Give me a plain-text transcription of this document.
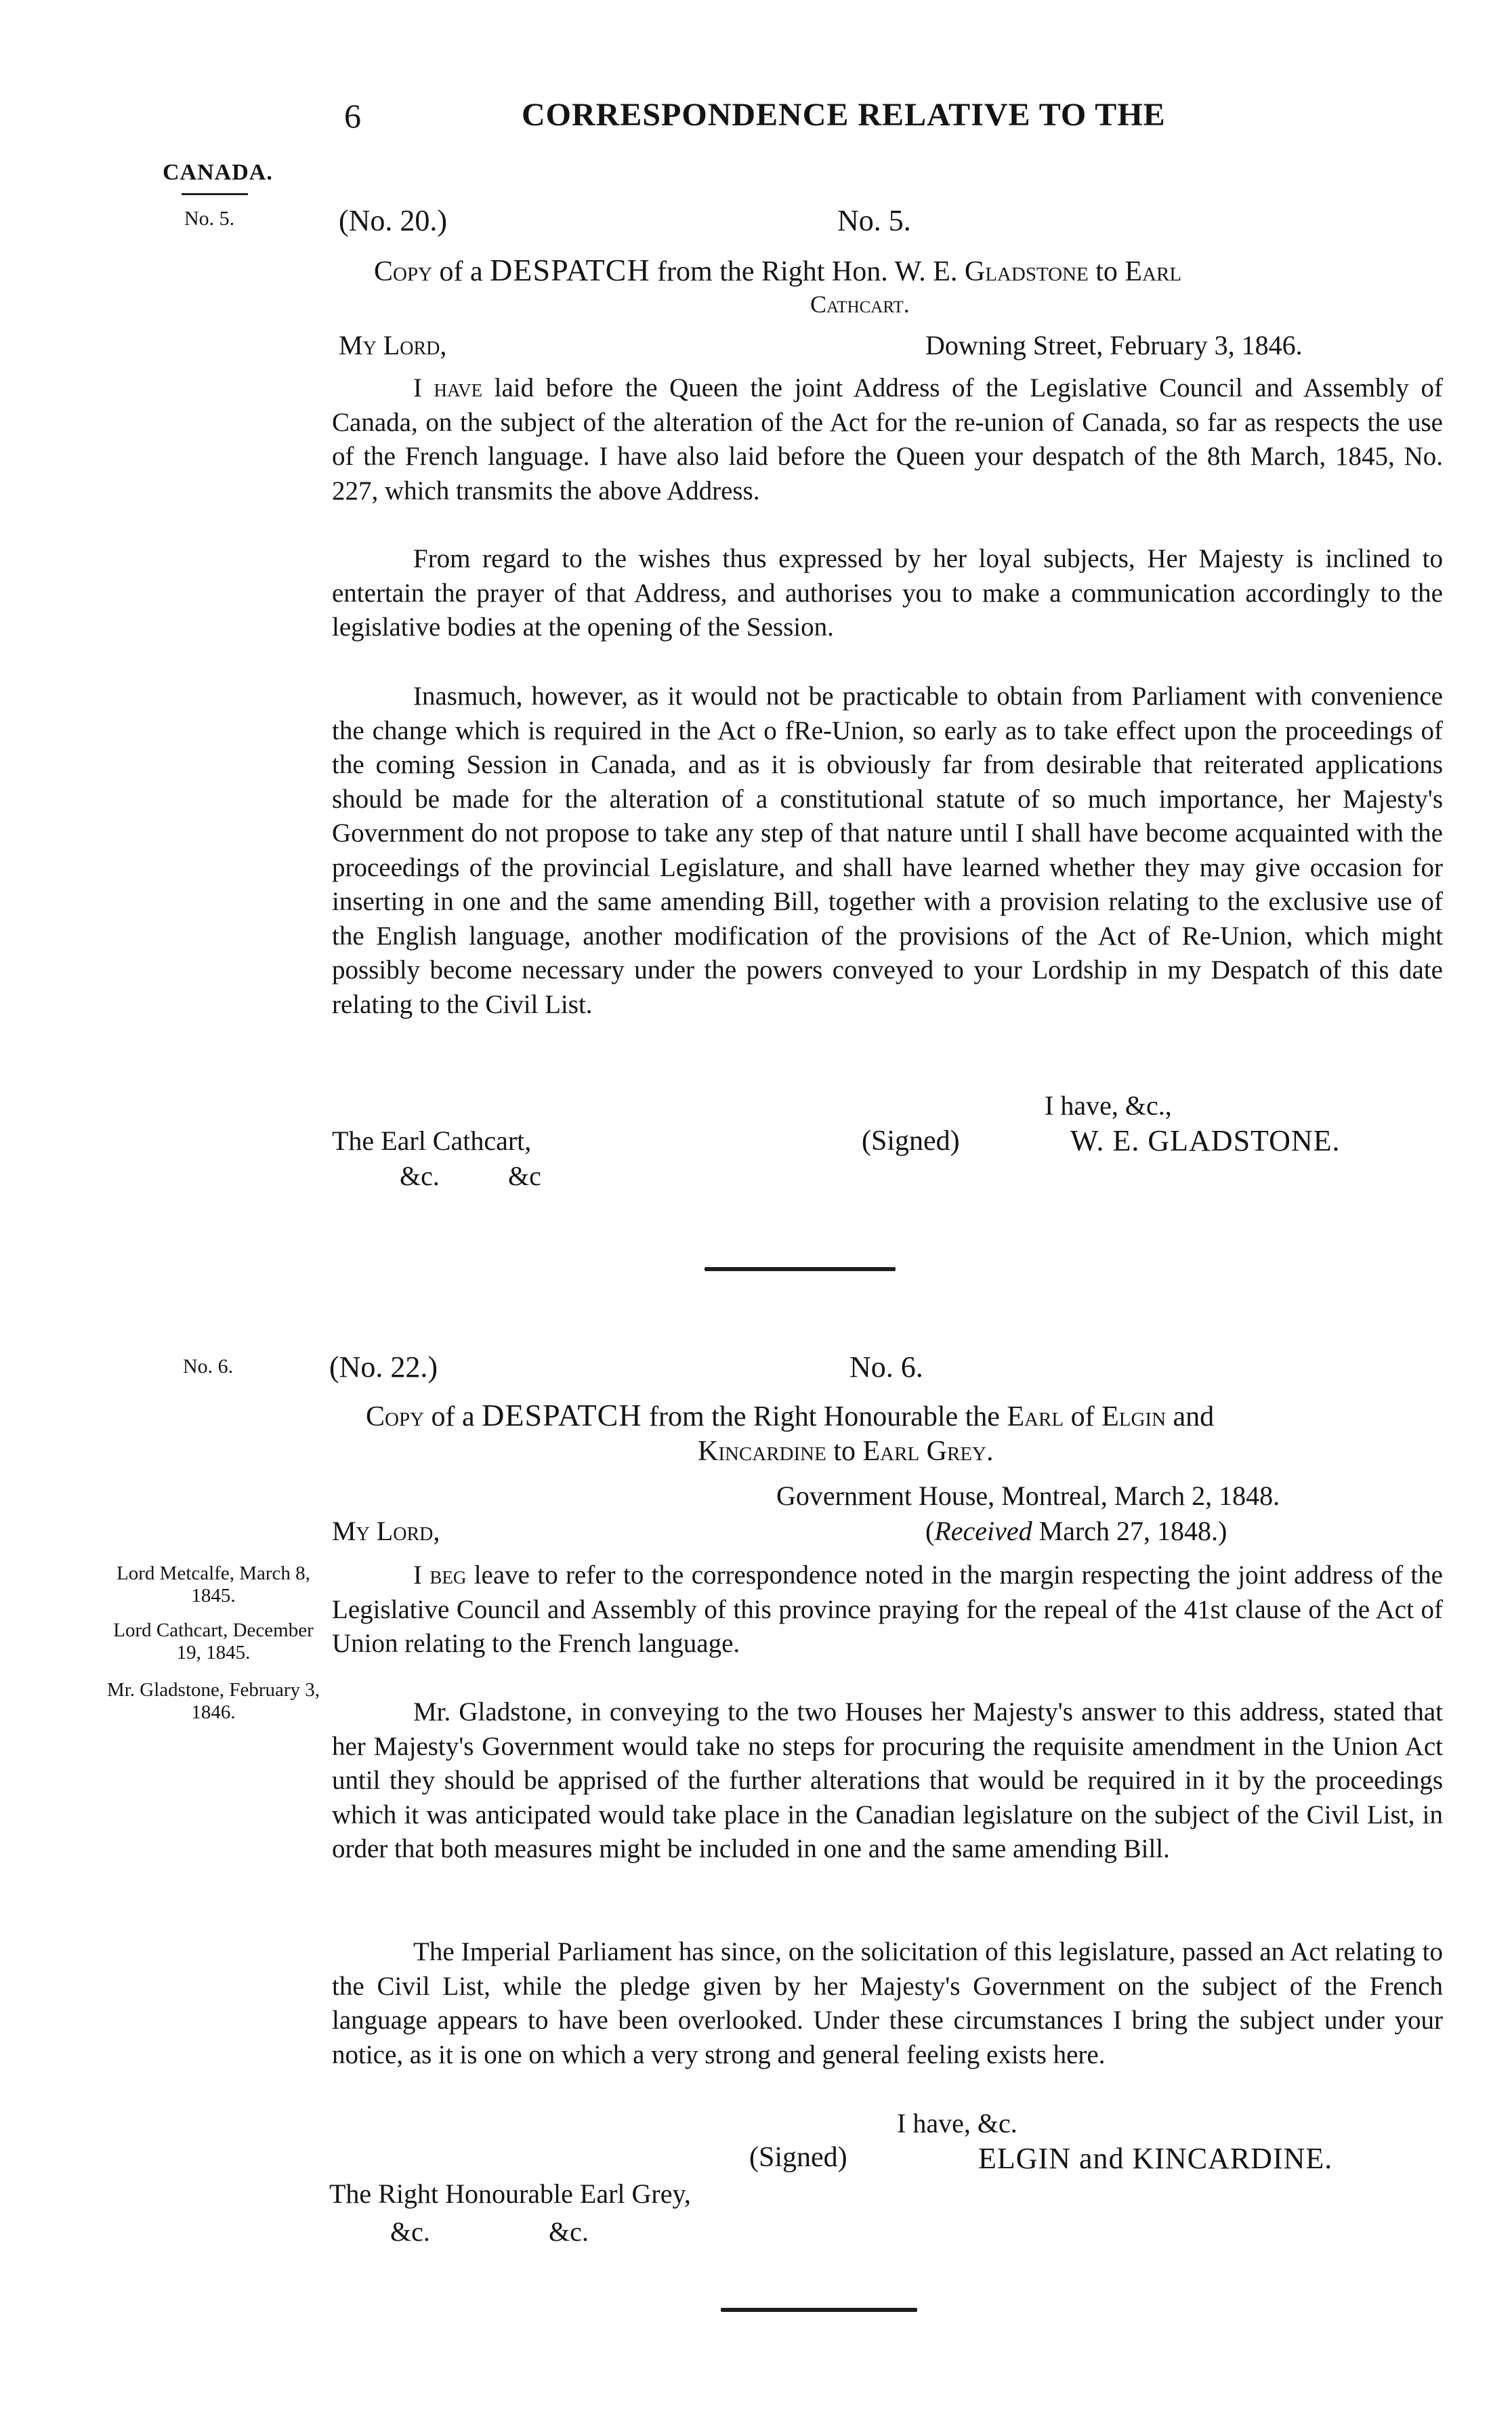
6	CORRESPONDENCE RELATIVE TO THE
CANADA.
No. 5.	(No. 20.)	No. 5.
Copy of a DESPATCH from the Right Hon. W. E. Gladstone to Earl
Cathcart.
My Lord,	Downing Street, February 3, 1846.

I have laid before the Queen the joint Address of the Legislative Council and Assembly of Canada, on the subject of the alteration of the Act for the re-union of Canada, so far as respects the use of the French language. I have also laid before the Queen your despatch of the 8th March, 1845, No. 227, which transmits the above Address.

From regard to the wishes thus expressed by her loyal subjects, Her Majesty is inclined to entertain the prayer of that Address, and authorises you to make a communication accordingly to the legislative bodies at the opening of the Session.

Inasmuch, however, as it would not be practicable to obtain from Parliament with convenience the change which is required in the Act o fRe-Union, so early as to take effect upon the proceedings of the coming Session in Canada, and as it is obviously far from desirable that reiterated applications should be made for the alteration of a constitutional statute of so much importance, her Majesty's Government do not propose to take any step of that nature until I shall have become acquainted with the proceedings of the provincial Legislature, and shall have learned whether they may give occasion for inserting in one and the same amending Bill, together with a provision relating to the exclusive use of the English language, another modification of the provisions of the Act of Re-Union, which might possibly become necessary under the powers conveyed to your Lordship in my Despatch of this date relating to the Civil List.

I have, &c.,
The Earl Cathcart,	(Signed)	W. E. GLADSTONE.
&c.	&c
No. 6.	(No. 22.)	No. 6.
Copy of a DESPATCH from the Right Honourable the Earl of Elgin and
Kincardine to Earl Grey.
Government House, Montreal, March 2, 1848.
My Lord,	(Received March 27, 1848.)
Lord Metcalfe, March 8, 1845.
Lord Cathcart, December 19, 1845.
Mr. Gladstone, February 3, 1846.

I beg leave to refer to the correspondence noted in the margin respecting the joint address of the Legislative Council and Assembly of this province praying for the repeal of the 41st clause of the Act of Union relating to the French language.

Mr. Gladstone, in conveying to the two Houses her Majesty's answer to this address, stated that her Majesty's Government would take no steps for procuring the requisite amendment in the Union Act until they should be apprised of the further alterations that would be required in it by the proceedings which it was anticipated would take place in the Canadian legislature on the subject of the Civil List, in order that both measures might be included in one and the same amending Bill.

The Imperial Parliament has since, on the solicitation of this legislature, passed an Act relating to the Civil List, while the pledge given by her Majesty's Government on the subject of the French language appears to have been overlooked. Under these circumstances I bring the subject under your notice, as it is one on which a very strong and general feeling exists here.

I have, &c.
(Signed)	ELGIN and KINCARDINE.
The Right Honourable Earl Grey,
&c.	&c.
